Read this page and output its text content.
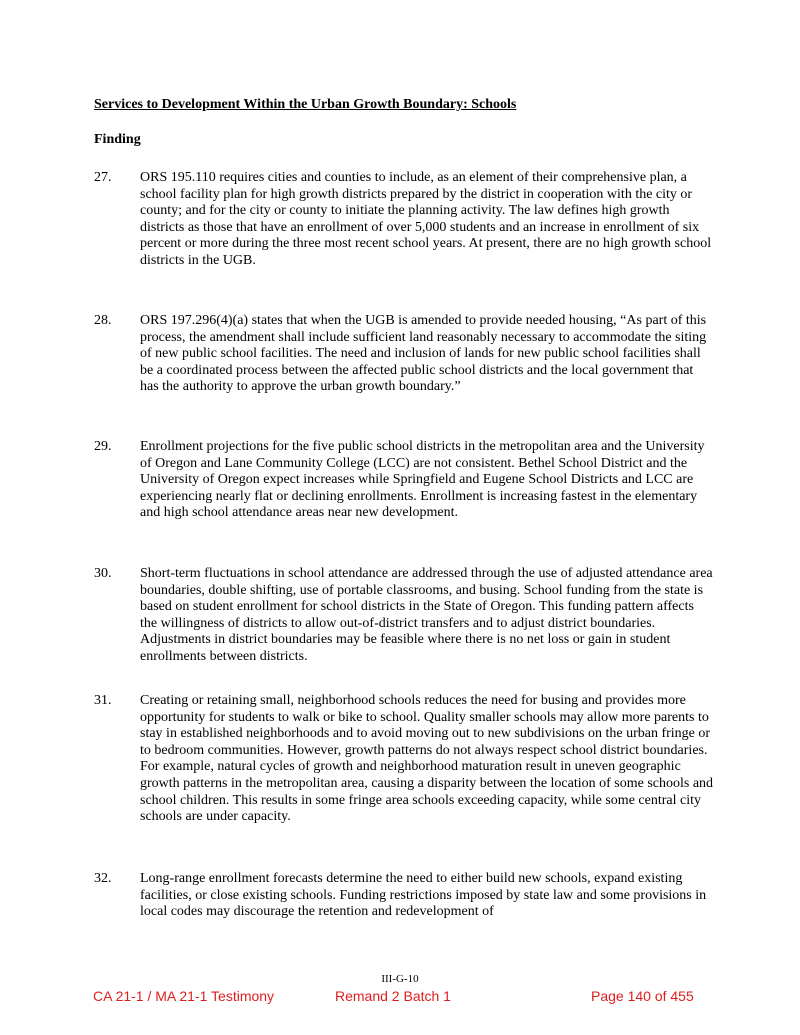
Services to Development Within the Urban Growth Boundary: Schools
Finding
27. ORS 195.110 requires cities and counties to include, as an element of their comprehensive plan, a school facility plan for high growth districts prepared by the district in cooperation with the city or county; and for the city or county to initiate the planning activity. The law defines high growth districts as those that have an enrollment of over 5,000 students and an increase in enrollment of six percent or more during the three most recent school years. At present, there are no high growth school districts in the UGB.
28. ORS 197.296(4)(a) states that when the UGB is amended to provide needed housing, “As part of this process, the amendment shall include sufficient land reasonably necessary to accommodate the siting of new public school facilities. The need and inclusion of lands for new public school facilities shall be a coordinated process between the affected public school districts and the local government that has the authority to approve the urban growth boundary.”
29. Enrollment projections for the five public school districts in the metropolitan area and the University of Oregon and Lane Community College (LCC) are not consistent. Bethel School District and the University of Oregon expect increases while Springfield and Eugene School Districts and LCC are experiencing nearly flat or declining enrollments. Enrollment is increasing fastest in the elementary and high school attendance areas near new development.
30. Short-term fluctuations in school attendance are addressed through the use of adjusted attendance area boundaries, double shifting, use of portable classrooms, and busing. School funding from the state is based on student enrollment for school districts in the State of Oregon. This funding pattern affects the willingness of districts to allow out-of-district transfers and to adjust district boundaries. Adjustments in district boundaries may be feasible where there is no net loss or gain in student enrollments between districts.
31. Creating or retaining small, neighborhood schools reduces the need for busing and provides more opportunity for students to walk or bike to school. Quality smaller schools may allow more parents to stay in established neighborhoods and to avoid moving out to new subdivisions on the urban fringe or to bedroom communities. However, growth patterns do not always respect school district boundaries. For example, natural cycles of growth and neighborhood maturation result in uneven geographic growth patterns in the metropolitan area, causing a disparity between the location of some schools and school children. This results in some fringe area schools exceeding capacity, while some central city schools are under capacity.
32. Long-range enrollment forecasts determine the need to either build new schools, expand existing facilities, or close existing schools. Funding restrictions imposed by state law and some provisions in local codes may discourage the retention and redevelopment of
III-G-10
CA 21-1 / MA 21-1 Testimony	Remand 2 Batch 1	Page 140 of 455
